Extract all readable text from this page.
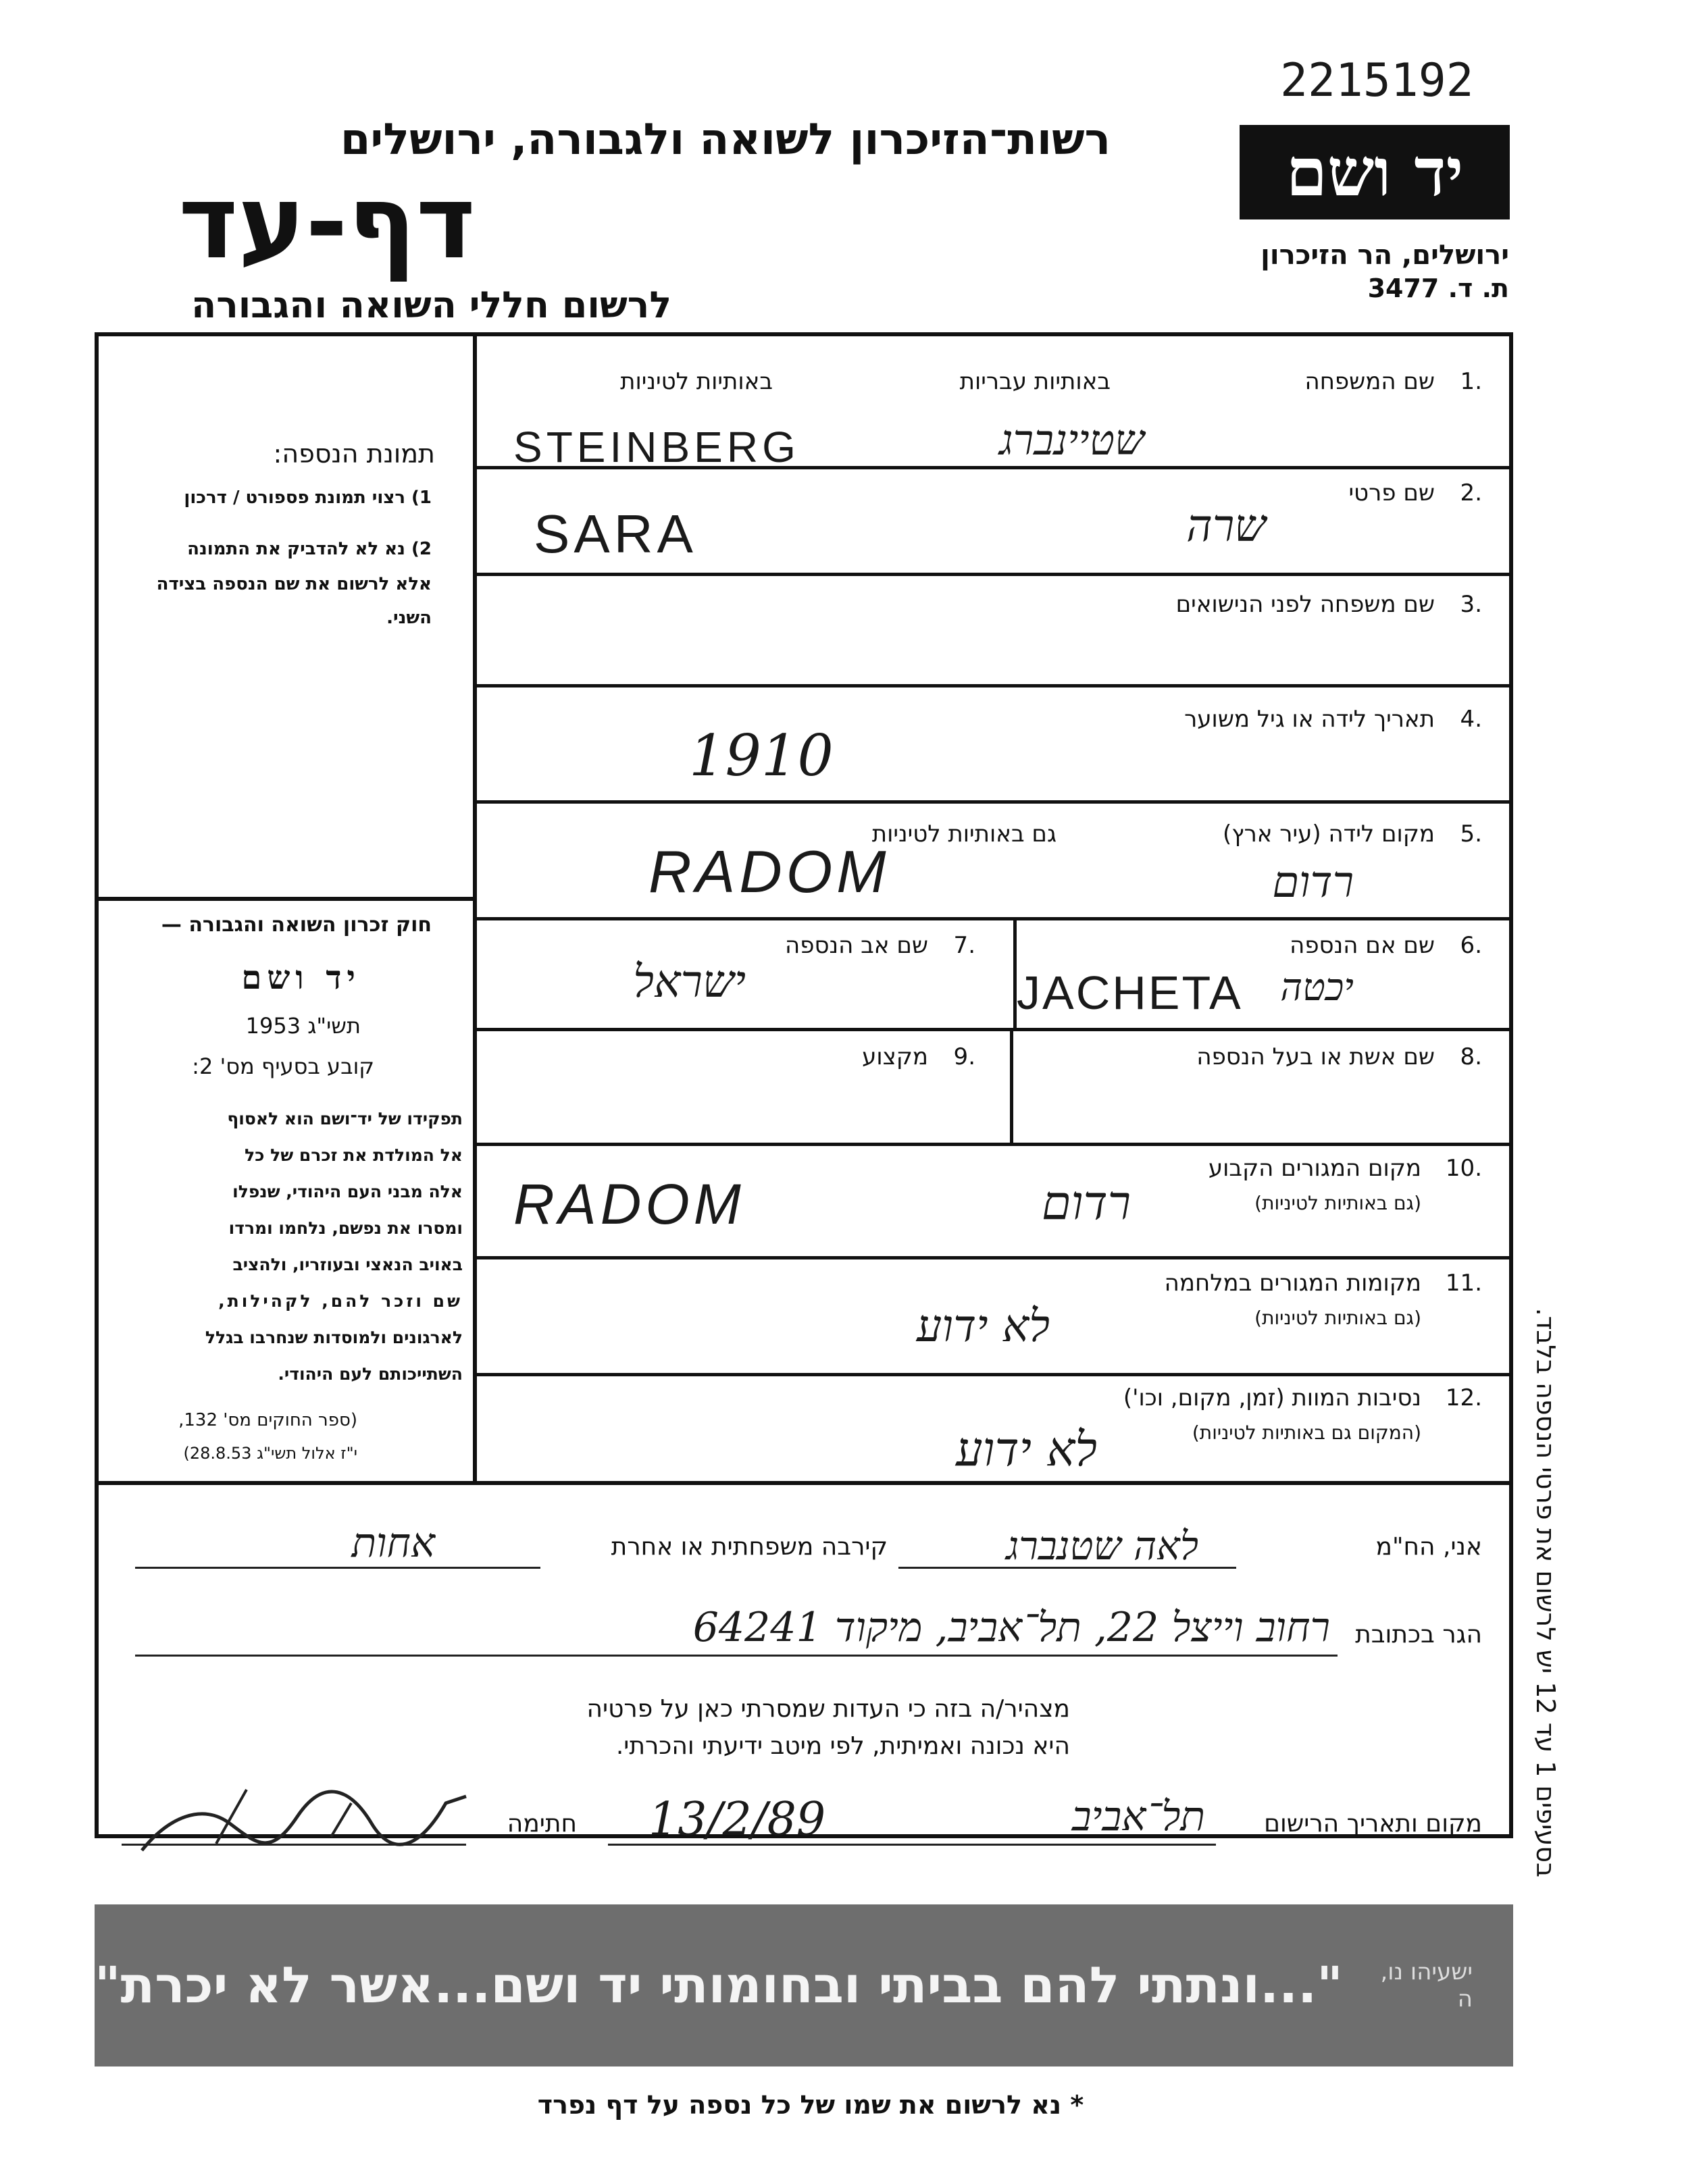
2215192
רשות־הזיכרון לשואה ולגבורה, ירושלים
דף-עד
לרשום חללי השואה והגבורה
יד ושם
ירושלים, הר הזיכרון
ת. ד. 3477
תמונת הנספה:
1) רצוי תמונת פספורט / דרכון
2) נא לא להדביק את התמונה
אלא לרשום את שם הנספה בצידה
השני.
חוק זכרון השואה והגבורה —
יד ושם
תשי"ג 1953
קובע בסעיף מס' 2:
תפקידו של יד־ושם הוא לאסוף
אל המולדת את זכרם של כל
אלה מבני העם היהודי, שנפלו
ומסרו את נפשם, נלחמו ומרדו
באויב הנאצי ובעוזריו, ולהציב
שם וזכר להם, לקהילות,
לארגונים ולמוסדות שנחרבו בגלל
השתייכותם לעם היהודי.
(ספר החוקים מס' 132,
י"ז אלול תשי"ג 28.8.53)	בסעיפים 1 עד 12 יש לרשום את פרטי הנספה בלבד.
.1
שם המשפחה
באותיות עבריות
באותיות לטיניות
STEINBERG	שטיינברג
.2
שם פרטי
SARA	שרה
.3
שם משפחה לפני הנישואים
.4
תאריך לידה או גיל משוער
1910
.5
מקום לידה (עיר ארץ)
גם באותיות לטיניות
RADOM	רדום
.6
שם אם הנספה
JACHETA יכטה
.7
שם אב הנספה
ישראל
.8
שם אשת או בעל הנספה
.9
מקצוע
.10
מקום המגורים הקבוע
(גם באותיות לטיניות)
RADOM	רדום
.11
מקומות המגורים במלחמה
(גם באותיות לטיניות)
לא ידוע
.12
נסיבות המוות (זמן, מקום, וכו')
(המקום גם באותיות לטיניות)
לא ידוע
אני, הח"מ
לאה שטנברג
קירבה משפחתית או אחרת
אחות
הגר בכתובת
רחוב וייצל 22, תל־אביב, מיקוד 64241
מצהיר/ה בזה כי העדות שמסרתי כאן על פרטיה
היא נכונה ואמיתית, לפי מיטב ידיעתי והכרתי.
מקום ותאריך הרישום
תל־אביב
13/2/89
חתימה
ישעיהו נו, ה
"...ונתתי להם בביתי ובחומותי יד ושם...אשר לא יכרת"
* נא לרשום את שמו של כל נספה על דף נפרד
